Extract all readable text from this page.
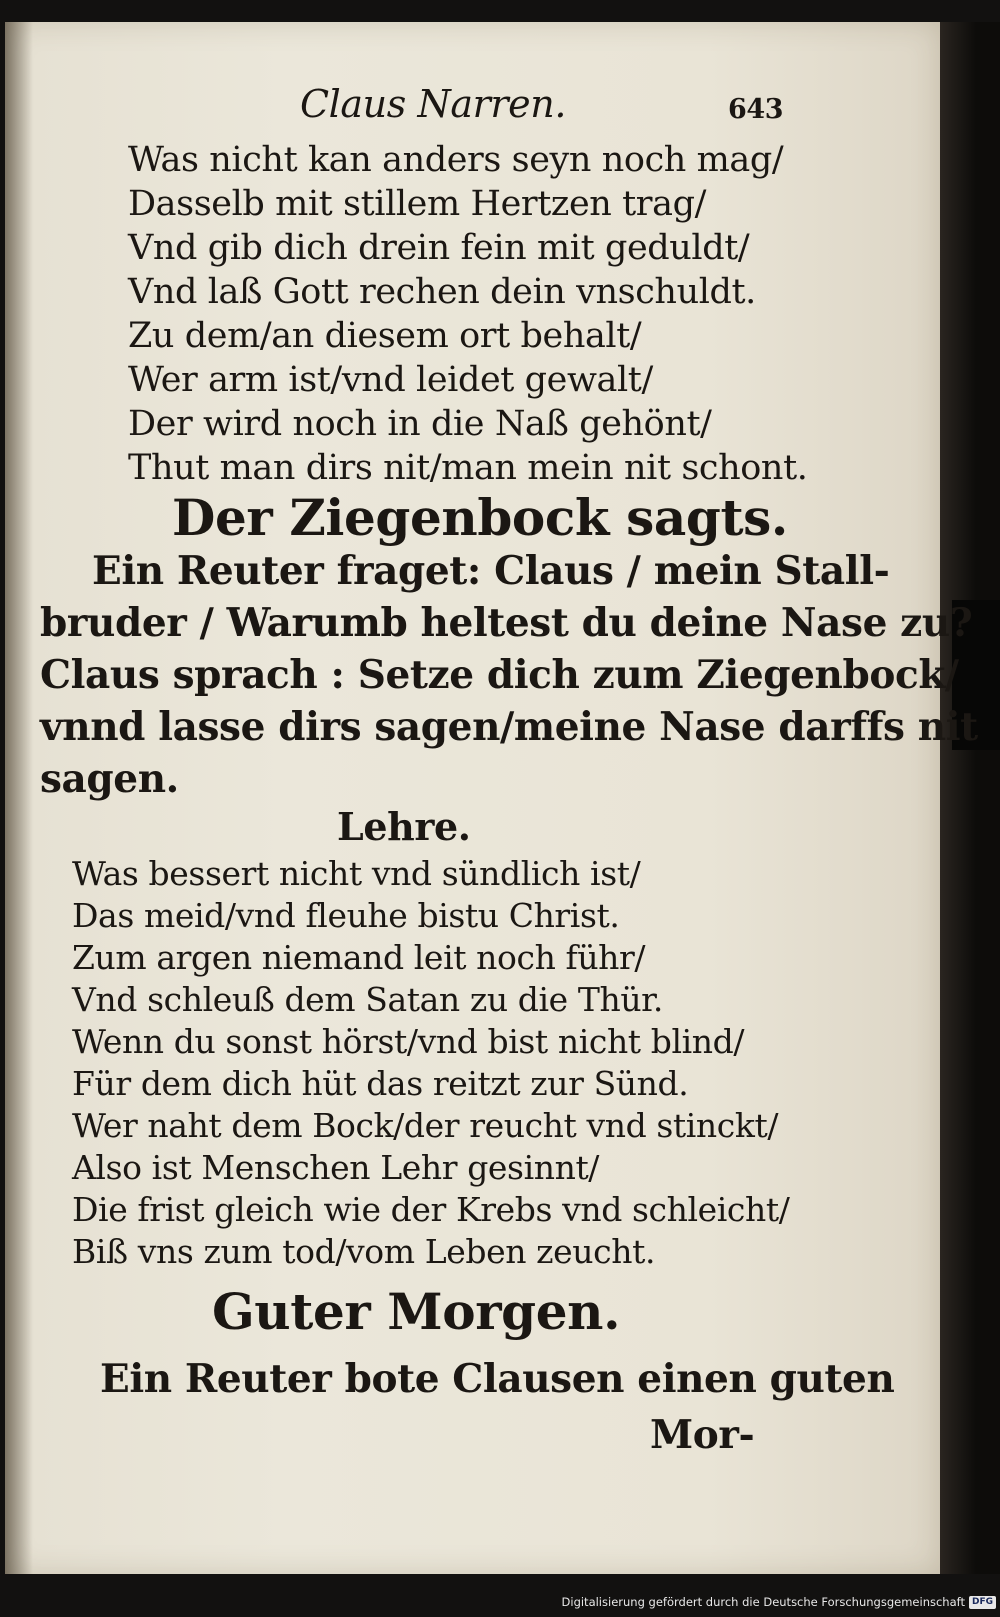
Claus Narren.	643
Was nicht kan anders seyn noch mag/
Dasselb mit stillem Hertzen trag/
Vnd gib dich drein fein mit geduldt/
Vnd laß Gott rechen dein vnschuldt.
Zu dem/an diesem ort behalt/
Wer arm ist/vnd leidet gewalt/
Der wird noch in die Naß gehönt/
Thut man dirs nit/man mein nit schont.
Der Ziegenbock sagts.
Ein Reuter fraget: Claus / mein Stall-
bruder / Warumb heltest du deine Nase zu?
Claus sprach : Setze dich zum Ziegenbock/
vnnd lasse dirs sagen/meine Nase darffs nit
sagen.
Lehre.
Was bessert nicht vnd sündlich ist/
Das meid/vnd fleuhe bistu Christ.
Zum argen niemand leit noch führ/
Vnd schleuß dem Satan zu die Thür.
Wenn du sonst hörst/vnd bist nicht blind/
Für dem dich hüt das reitzt zur Sünd.
Wer naht dem Bock/der reucht vnd stinckt/
Also ist Menschen Lehr gesinnt/
Die frist gleich wie der Krebs vnd schleicht/
Biß vns zum tod/vom Leben zeucht.
Guter Morgen.
Ein Reuter bote Clausen einen guten
Mor-
Digitalisierung gefördert durch die Deutsche Forschungsgemeinschaft DFG
